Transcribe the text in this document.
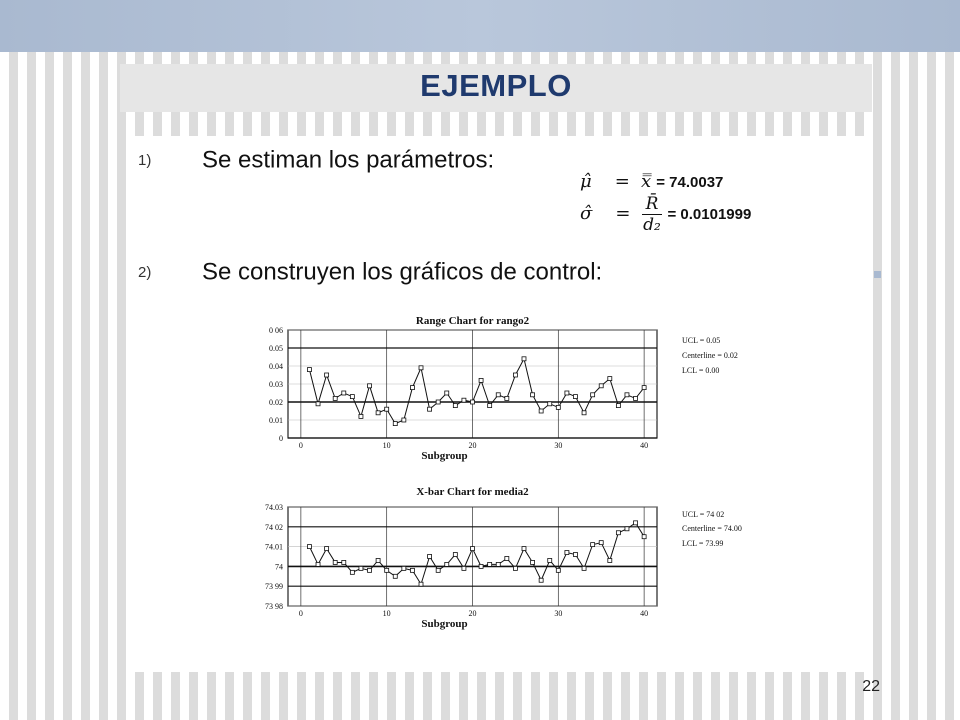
EJEMPLO
1) Se estiman los parámetros:
μ̂ = x̿ = 74.0037
σ̂ = $\frac{R̄}{\text{d₂}} = 0.0101999$
2) Se construyen los gráficos de control:
Range Chart for rango2
0
0.01
0.02
0.03
0.04
0.05
0 06
0	10	20	30	40
Subgroup
UCL = 0.05
Centerline = 0.02
LCL = 0.00
X-bar Chart for media2
73 98
73 99
74
74.01
74 02
74.03
0	10	20	30	40
Subgroup
UCL = 74 02
Centerline = 74.00
LCL = 73.99
22
